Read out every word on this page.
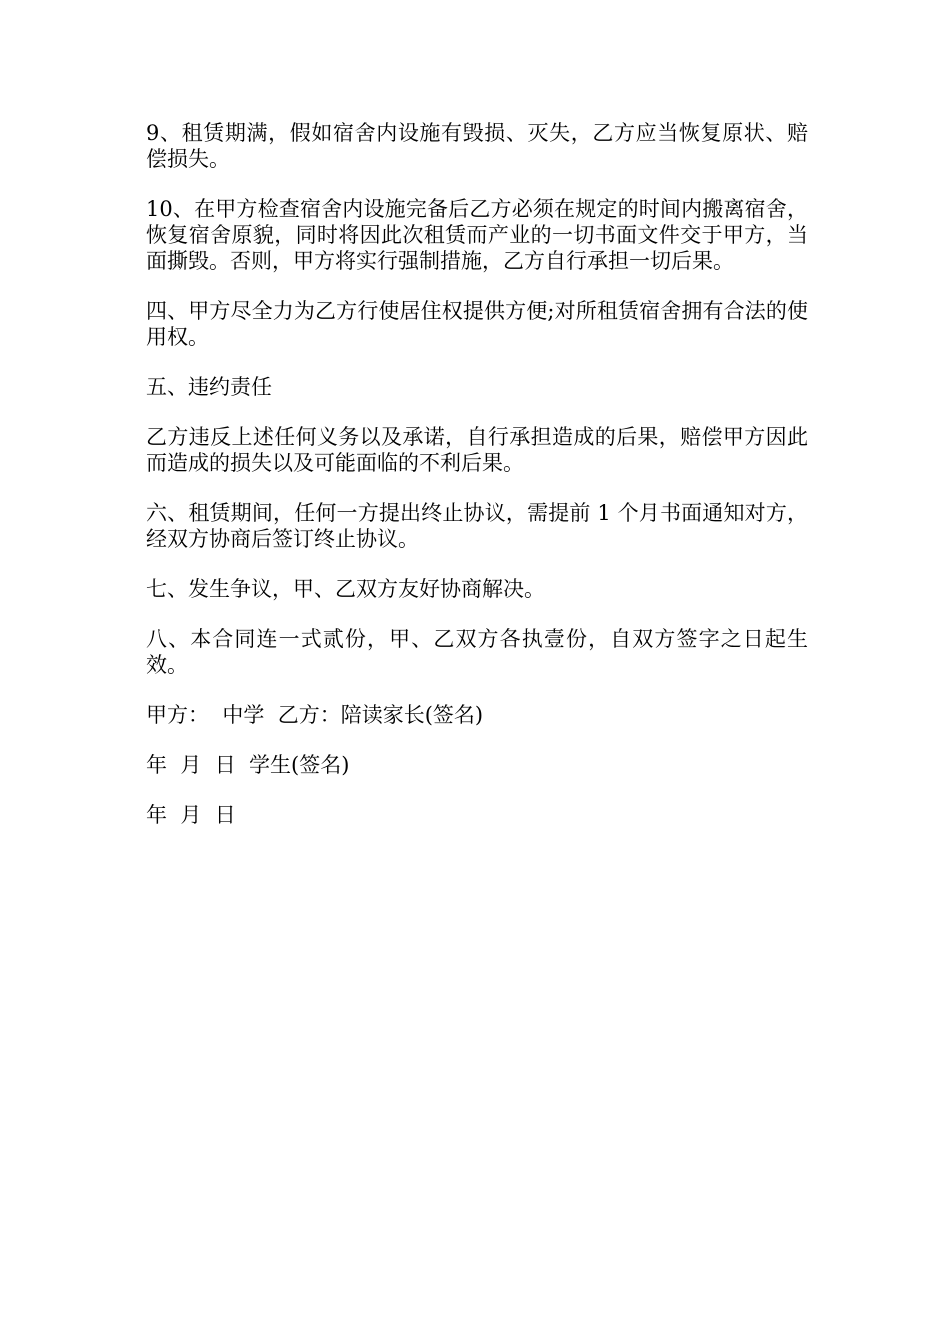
9、租赁期满，假如宿舍内设施有毁损、灭失，乙方应当恢复原状、赔偿损失。

10、在甲方检查宿舍内设施完备后乙方必须在规定的时间内搬离宿舍，恢复宿舍原貌，同时将因此次租赁而产业的一切书面文件交于甲方，当面撕毁。否则，甲方将实行强制措施，乙方自行承担一切后果。

四、甲方尽全力为乙方行使居住权提供方便;对所租赁宿舍拥有合法的使用权。

五、违约责任

乙方违反上述任何义务以及承诺，自行承担造成的后果，赔偿甲方因此而造成的损失以及可能面临的不利后果。

六、租赁期间，任何一方提出终止协议，需提前 1 个月书面通知对方，经双方协商后签订终止协议。

七、发生争议，甲、乙双方友好协商解决。

八、本合同连一式贰份，甲、乙双方各执壹份，自双方签字之日起生效。

甲方：  中学  乙方：陪读家长(签名)

年  月  日  学生(签名)

年  月  日
